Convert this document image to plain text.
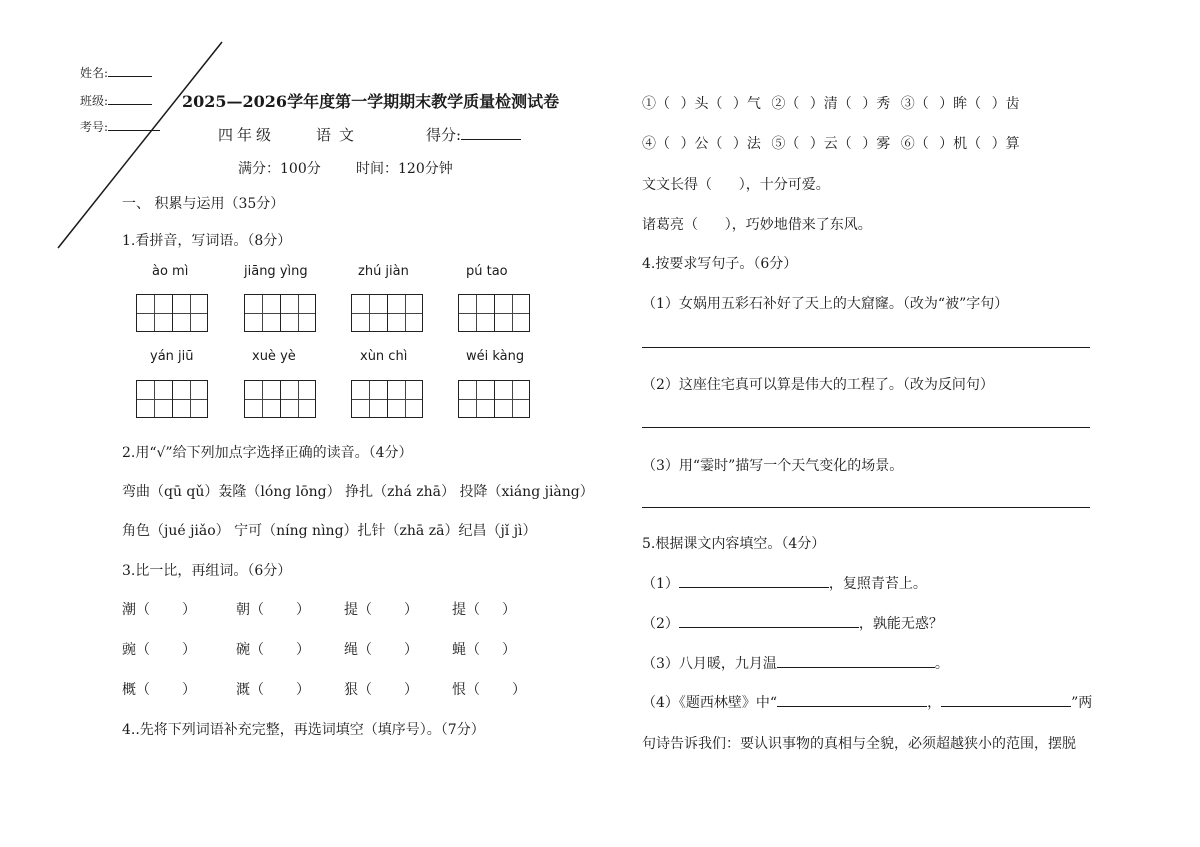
姓名:
班级:
考号:
2025—2026学年度第一学期期末教学质量检测试卷
四年级	语文	得分:
满分：100分	时间：120分钟
一、 积累与运用（35分）
1.看拼音，写词语。（8分）
ào mì	jiāng yìng	zhú jiàn	pú tao
yán jiū	xuè yè	xùn chì	wéi kàng
2.用“√”给下列加点字选择正确的读音。（4分）
弯曲（qū qǔ）轰隆（lóng lōng） 挣扎（zhá zhā） 投降（xiáng jiàng）
角色（jué jiǎo） 宁可（níng nìng）扎针（zhā zā）纪昌（jǐ jì）
3.比一比，再组词。（6分）
潮（ ）	朝（ ） 提（ ） 提（ ）
豌（ ）	碗（ ） 绳（ ） 蝇（ ）
概（ ）	溉（ ） 狠（ ） 恨（ ）
4..先将下列词语补充完整，再选词填空（填序号）。（7分）
①（ ）头（ ）气 ②（ ）清（ ）秀 ③（ ）眸（ ）齿
④（ ）公（ ）法 ⑤（ ）云（ ）雾 ⑥（ ）机（ ）算
文文长得（      ），十分可爱。
诸葛亮（      ），巧妙地借来了东风。
4.按要求写句子。（6分）
（1）女娲用五彩石补好了天上的大窟窿。（改为“被”字句）
（2）这座住宅真可以算是伟大的工程了。（改为反问句）
（3）用“霎时”描写一个天气变化的场景。
5.根据课文内容填空。（4分）
（1）	，复照青苔上。
（2）	，孰能无惑？
（3）八月暖，九月温	。
（4）《题西林壁》中“	，	”两
句诗告诉我们：要认识事物的真相与全貌，必须超越狭小的范围，摆脱
